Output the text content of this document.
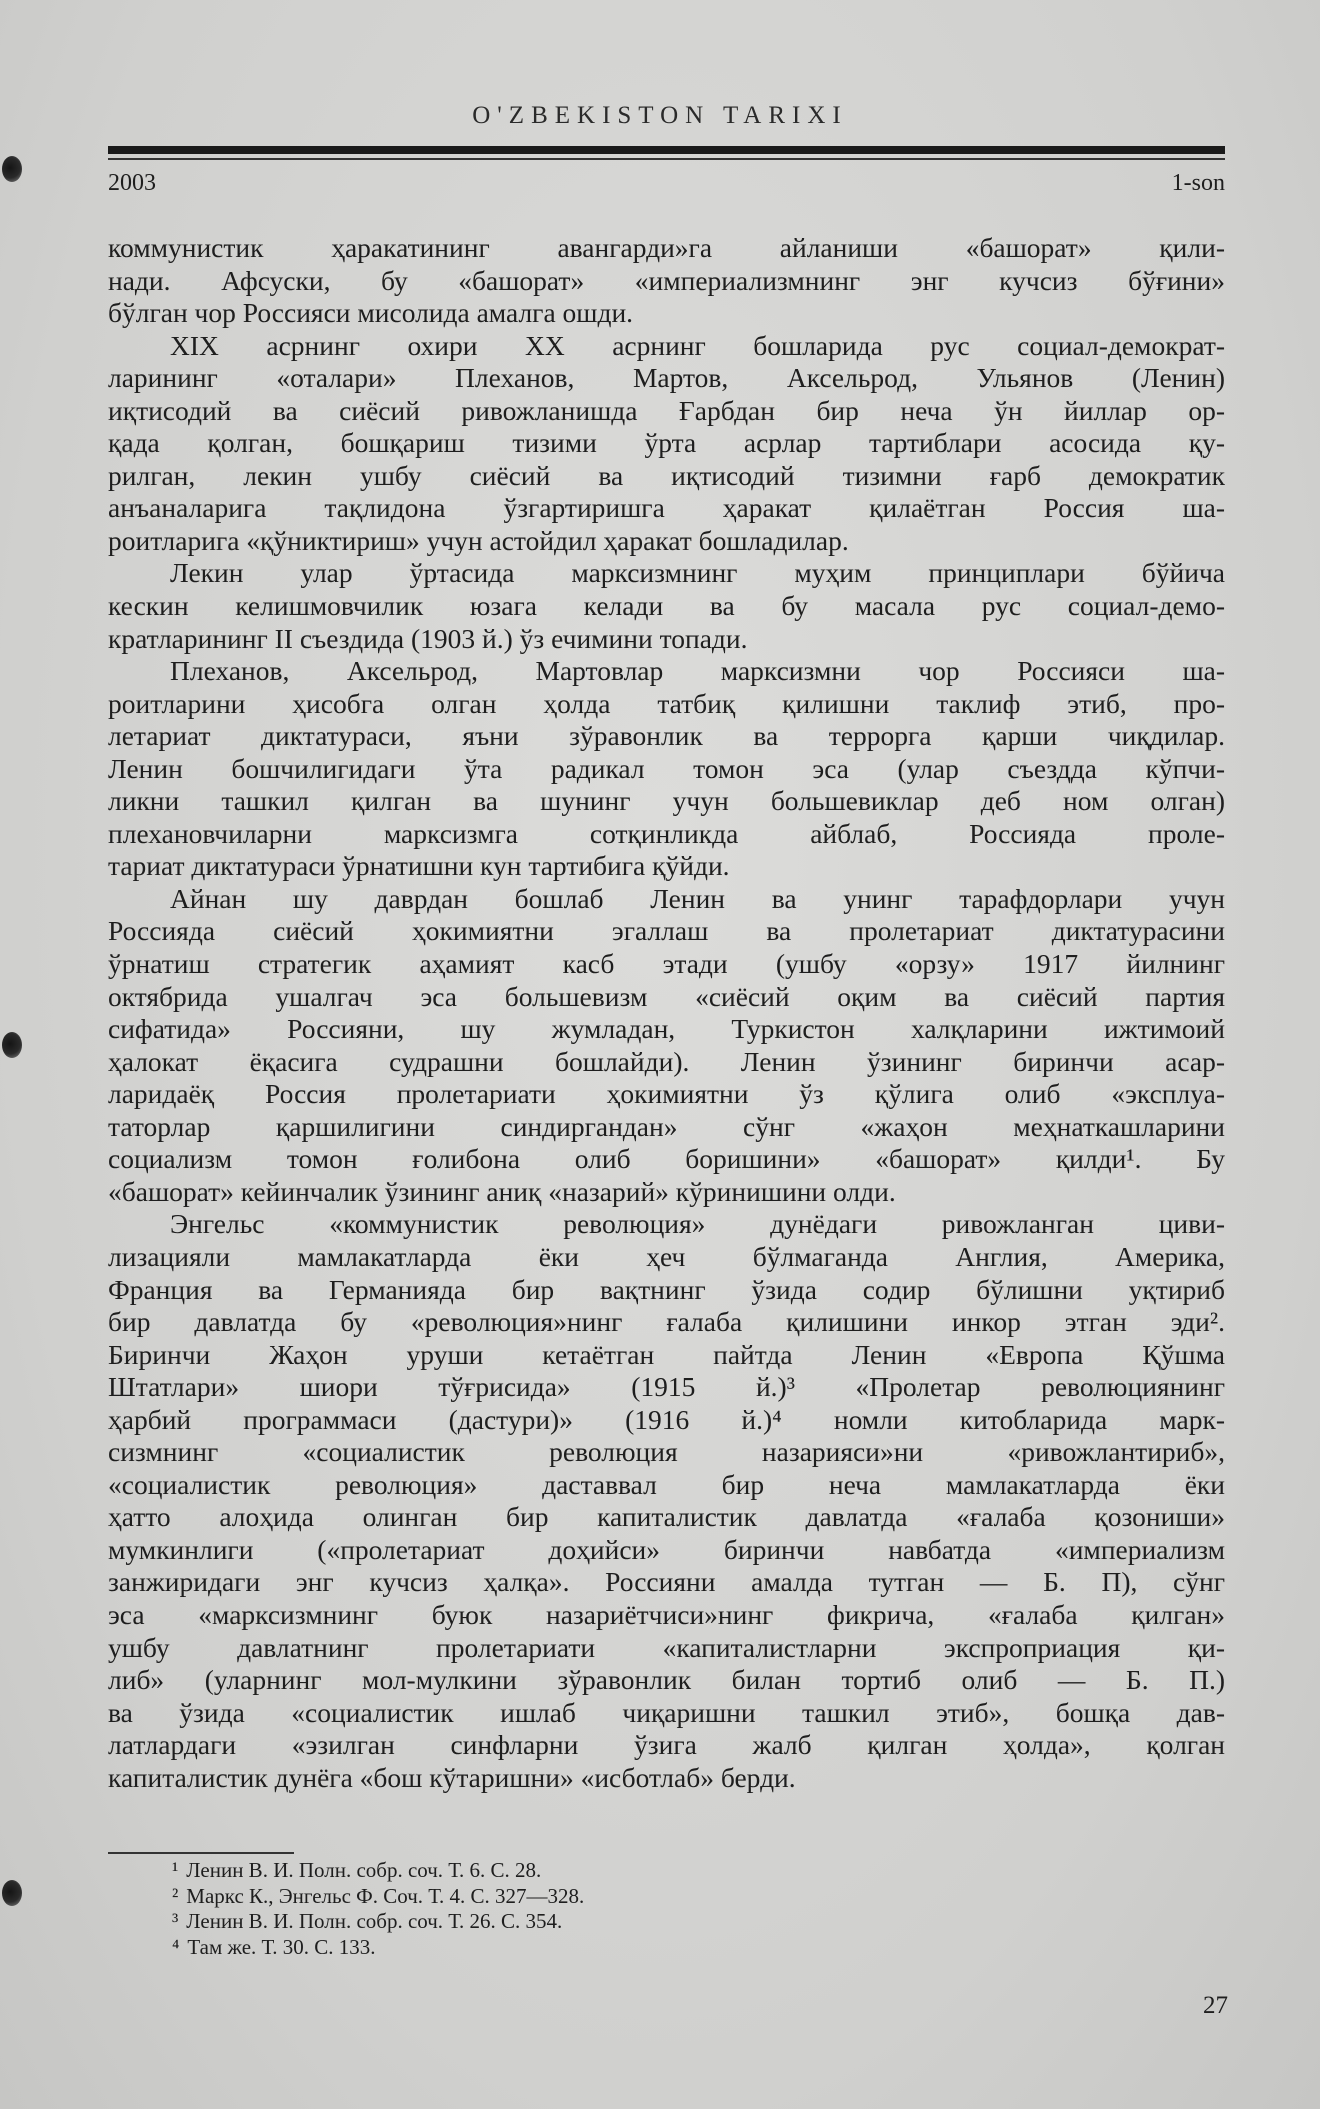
O'ZBEKISTON TARIXI
2003	1-son
коммунистик ҳаракатининг авангарди»га айланиши «башорат» қили-
нади. Афсуски, бу «башорат» «империализмнинг энг кучсиз бўғини»
бўлган чор Россияси мисолида амалга ошди.
XIX асрнинг охири XX асрнинг бошларида рус социал-демократ-
ларининг «оталари» Плеханов, Мартов, Аксельрод, Ульянов (Ленин)
иқтисодий ва сиёсий ривожланишда Ғарбдан бир неча ўн йиллар ор-
қада қолган, бошқариш тизими ўрта асрлар тартиблари асосида қу-
рилган, лекин ушбу сиёсий ва иқтисодий тизимни ғарб демократик
анъаналарига тақлидона ўзгартиришга ҳаракат қилаётган Россия ша-
роитларига «қўниктириш» учун астойдил ҳаракат бошладилар.
Лекин улар ўртасида марксизмнинг муҳим принциплари бўйича
кескин келишмовчилик юзага келади ва бу масала рус социал-демо-
кратларининг II съездида (1903 й.) ўз ечимини топади.
Плеханов, Аксельрод, Мартовлар марксизмни чор Россияси ша-
роитларини ҳисобга олган ҳолда татбиқ қилишни таклиф этиб, про-
летариат диктатураси, яъни зўравонлик ва террорга қарши чиқдилар.
Ленин бошчилигидаги ўта радикал томон эса (улар съездда кўпчи-
ликни ташкил қилган ва шунинг учун большевиклар деб ном олган)
плехановчиларни марксизмга сотқинликда айблаб, Россияда проле-
тариат диктатураси ўрнатишни кун тартибига қўйди.
Айнан шу даврдан бошлаб Ленин ва унинг тарафдорлари учун
Россияда сиёсий ҳокимиятни эгаллаш ва пролетариат диктатурасини
ўрнатиш стратегик аҳамият касб этади (ушбу «орзу» 1917 йилнинг
октябрида ушалгач эса большевизм «сиёсий оқим ва сиёсий партия
сифатида» Россияни, шу жумладан, Туркистон халқларини ижтимоий
ҳалокат ёқасига судрашни бошлайди). Ленин ўзининг биринчи асар-
ларидаёқ Россия пролетариати ҳокимиятни ўз қўлига олиб «эксплуа-
таторлар қаршилигини синдиргандан» сўнг «жаҳон меҳнаткашларини
социализм томон ғолибона олиб боришини» «башорат» қилди¹. Бу
«башорат» кейинчалик ўзининг аниқ «назарий» кўринишини олди.
Энгельс «коммунистик революция» дунёдаги ривожланган циви-
лизацияли мамлакатларда ёки ҳеч бўлмаганда Англия, Америка,
Франция ва Германияда бир вақтнинг ўзида содир бўлишни уқтириб
бир давлатда бу «революция»нинг ғалаба қилишини инкор этган эди².
Биринчи Жаҳон уруши кетаётган пайтда Ленин «Европа Қўшма
Штатлари» шиори тўғрисида» (1915 й.)³ «Пролетар революциянинг
ҳарбий программаси (дастури)» (1916 й.)⁴ номли китобларида марк-
сизмнинг «социалистик революция назарияси»ни «ривожлантириб»,
«социалистик революция» даставвал бир неча мамлакатларда ёки
ҳатто алоҳида олинган бир капиталистик давлатда «ғалаба қозониши»
мумкинлиги («пролетариат доҳийси» биринчи навбатда «империализм
занжиридаги энг кучсиз ҳалқа». Россияни амалда тутган — Б. П), сўнг
эса «марксизмнинг буюк назариётчиси»нинг фикрича, «ғалаба қилган»
ушбу давлатнинг пролетариати «капиталистларни экспроприация қи-
либ» (уларнинг мол-мулкини зўравонлик билан тортиб олиб — Б. П.)
ва ўзида «социалистик ишлаб чиқаришни ташкил этиб», бошқа дав-
латлардаги «эзилган синфларни ўзига жалб қилган ҳолда», қолган
капиталистик дунёга «бош кўтаришни» «исботлаб» берди.
¹ Ленин В. И. Полн. собр. соч. Т. 6. С. 28.
² Маркс К., Энгельс Ф. Соч. Т. 4. С. 327—328.
³ Ленин В. И. Полн. собр. соч. Т. 26. С. 354.
⁴ Там же. Т. 30. С. 133.
27
